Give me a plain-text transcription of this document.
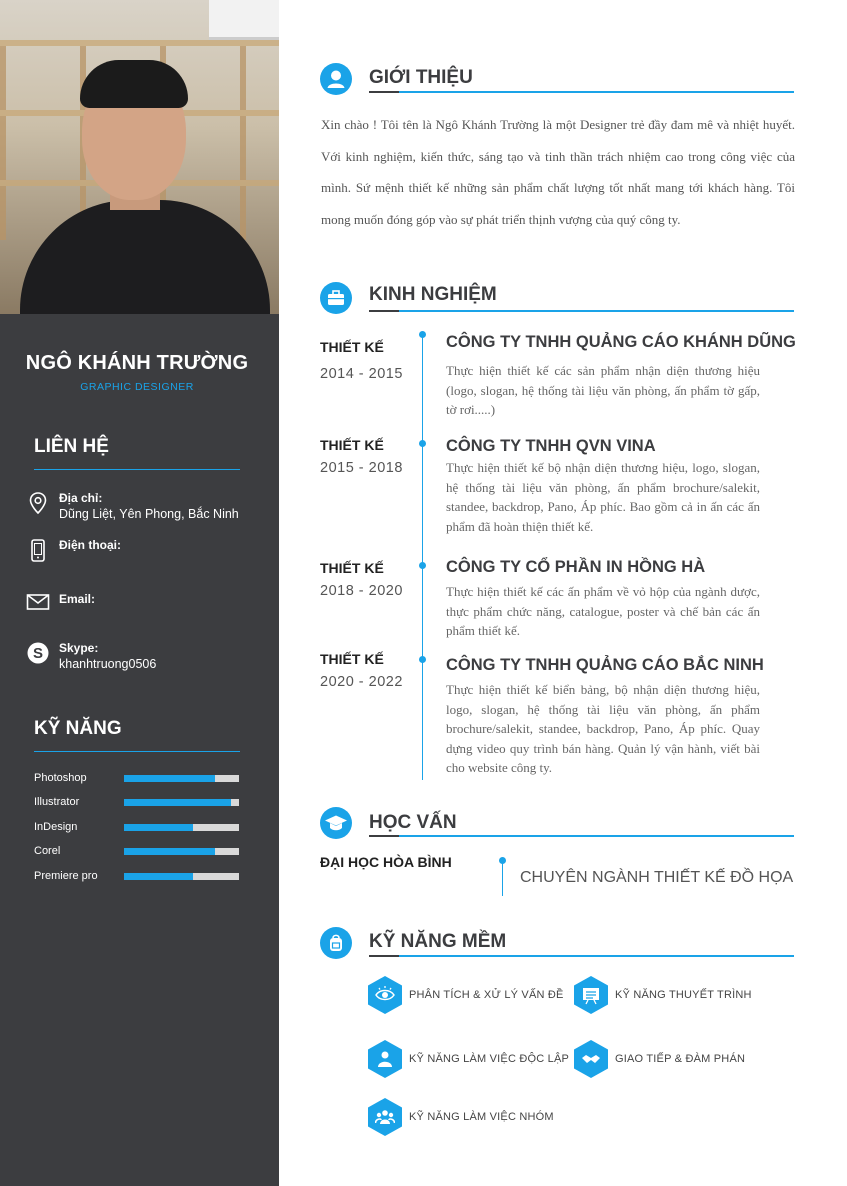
NGÔ KHÁNH TRƯỜNG
GRAPHIC DESIGNER
LIÊN HỆ
Địa chỉ:
Dũng Liệt, Yên Phong, Bắc Ninh
Điện thoại:
Email:
S Skype:
khanhtruong0506
KỸ NĂNG
Photoshop
Illustrator
InDesign
Corel
Premiere pro
GIỚI THIỆU
Xin chào ! Tôi tên là Ngô Khánh Trường là một Designer trẻ đầy đam mê và nhiệt huyết. Với kinh nghiệm, kiến thức, sáng tạo và tinh thần trách nhiệm cao trong công việc của mình. Sứ mệnh thiết kế những sản phẩm chất lượng tốt nhất mang tới khách hàng. Tôi mong muốn đóng góp vào sự phát triển thịnh vượng của quý công ty.
KINH NGHIỆM
THIẾT KẾ
2014 - 2015
CÔNG TY TNHH QUẢNG CÁO KHÁNH DŨNG
Thực hiện thiết kế các sản phẩm nhận diện thương hiệu (logo, slogan, hệ thống tài liệu văn phòng, ấn phẩm tờ gấp, tờ rơi.....)
THIẾT KẾ
2015 - 2018
CÔNG TY TNHH QVN VINA
Thực hiện thiết kế bộ nhận diện thương hiệu, logo, slogan, hệ thống tài liệu văn phòng, ấn phẩm brochure/salekit, standee, backdrop, Pano, Áp phíc. Bao gồm cả in ấn các ấn phẩm đã hoàn thiện thiết kế.
THIẾT KẾ
2018 - 2020
CÔNG TY CỔ PHẦN IN HỒNG HÀ
Thực hiện thiết kế các ấn phẩm về vỏ hộp của ngành dược, thực phẩm chức năng, catalogue, poster và chế bản các ấn phẩm thiết kế.
THIẾT KẾ
2020 - 2022
CÔNG TY TNHH QUẢNG CÁO BẮC NINH
Thực hiện thiết kế biển bảng, bộ nhận diện thương hiệu, logo, slogan, hệ thống tài liệu văn phòng, ấn phẩm brochure/salekit, standee, backdrop, Pano, Áp phíc. Quay dựng video quy trình bán hàng. Quản lý vận hành, viết bài cho website công ty.
HỌC VẤN
ĐẠI HỌC HÒA BÌNH
CHUYÊN NGÀNH THIẾT KẾ ĐỒ HỌA
KỸ NĂNG MỀM
PHÂN TÍCH & XỬ LÝ VẤN ĐỀ	KỸ NĂNG THUYẾT TRÌNH
KỸ NĂNG LÀM VIỆC ĐỘC LẬP	GIAO TIẾP & ĐÀM PHÁN
KỸ NĂNG LÀM VIỆC NHÓM
